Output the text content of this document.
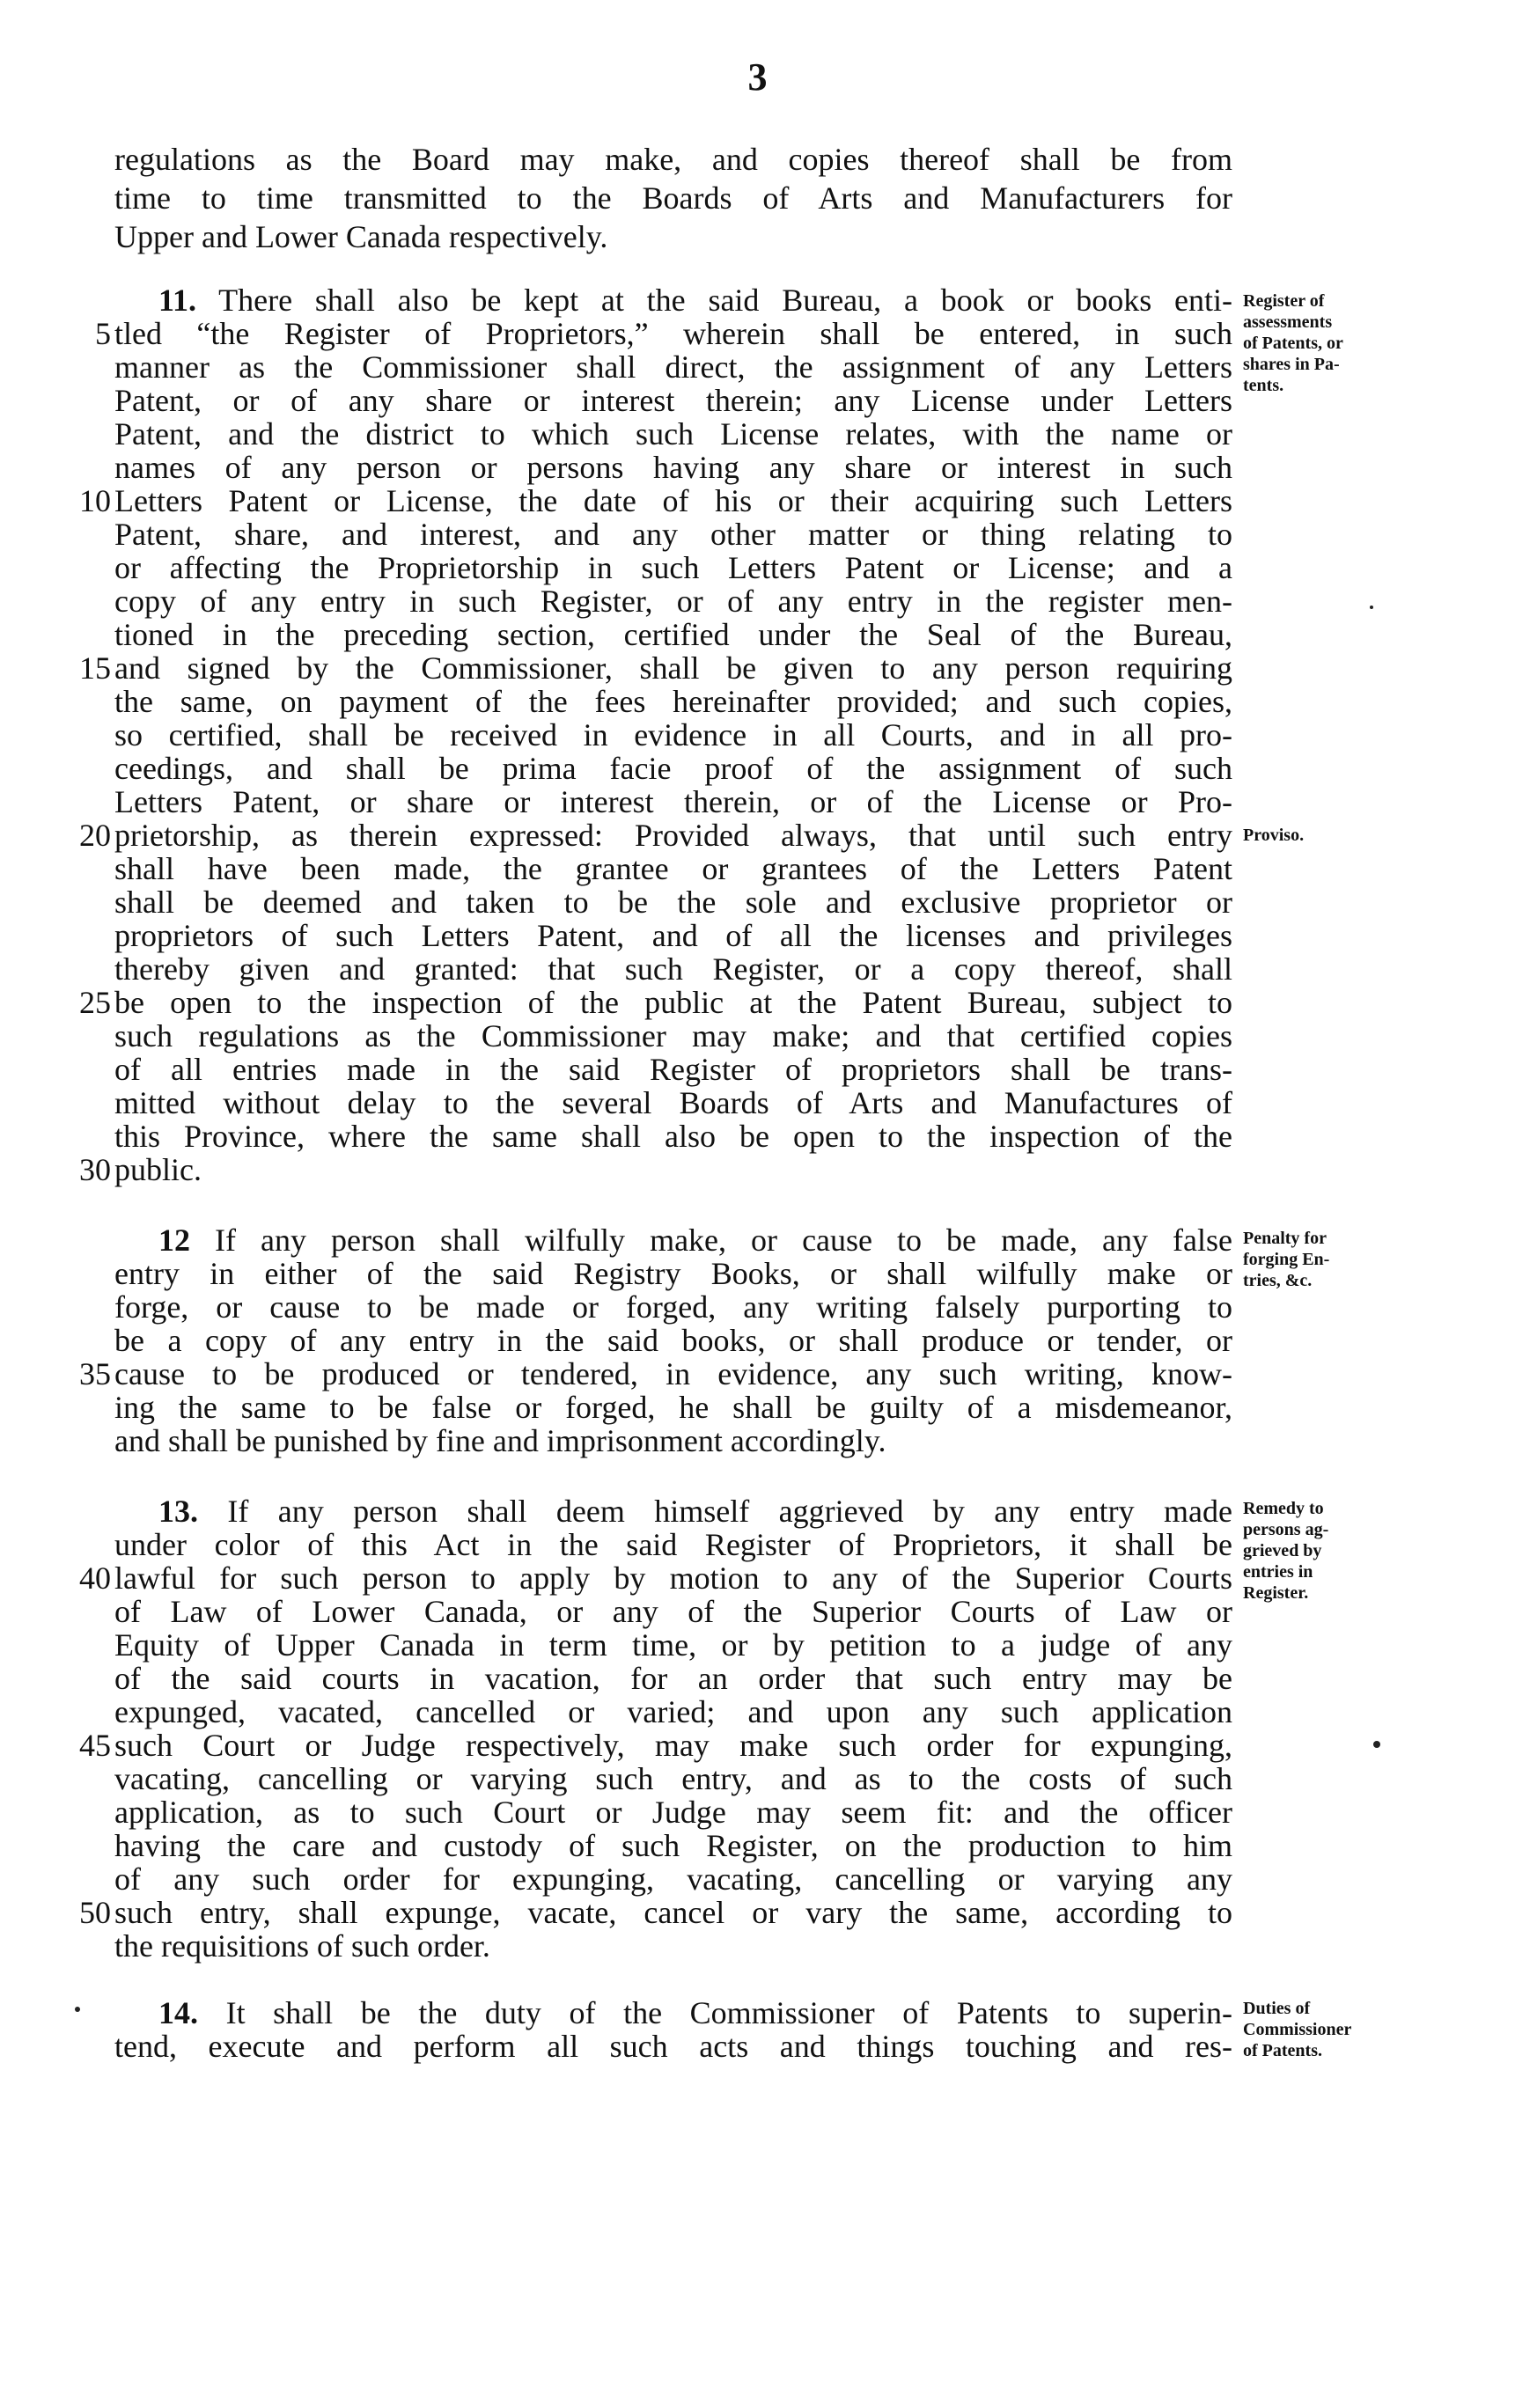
3
regulations as the Board may make, and copies thereof shall be from
time to time transmitted to the Boards of Arts and Manufacturers for
Upper and Lower Canada respectively.
11. There shall also be kept at the said Bureau, a book or books enti-
tled “the Register of Proprietors,” wherein shall be entered, in such
manner as the Commissioner shall direct, the assignment of any Letters
Patent, or of any share or interest therein; any License under Letters
Patent, and the district to which such License relates, with the name or
names of any person or persons having any share or interest in such
Letters Patent or License, the date of his or their acquiring such Letters
Patent, share, and interest, and any other matter or thing relating to
or affecting the Proprietorship in such Letters Patent or License; and a
copy of any entry in such Register, or of any entry in the register men-
tioned in the preceding section, certified under the Seal of the Bureau,
and signed by the Commissioner, shall be given to any person requiring
the same, on payment of the fees hereinafter provided; and such copies,
so certified, shall be received in evidence in all Courts, and in all pro-
ceedings, and shall be prima facie proof of the assignment of such
Letters Patent, or share or interest therein, or of the License or Pro-
prietorship, as therein expressed: Provided always, that until such entry
shall have been made, the grantee or grantees of the Letters Patent
shall be deemed and taken to be the sole and exclusive proprietor or
proprietors of such Letters Patent, and of all the licenses and privileges
thereby given and granted: that such Register, or a copy thereof, shall
be open to the inspection of the public at the Patent Bureau, subject to
such regulations as the Commissioner may make; and that certified copies
of all entries made in the said Register of proprietors shall be trans-
mitted without delay to the several Boards of Arts and Manufactures of
this Province, where the same shall also be open to the inspection of the
public.
5
10
15
20
25
30
Register of
assessments
of Patents, or
shares in Pa-
tents.
Proviso.
12 If any person shall wilfully make, or cause to be made, any false
entry in either of the said Registry Books, or shall wilfully make or
forge, or cause to be made or forged, any writing falsely purporting to
be a copy of any entry in the said books, or shall produce or tender, or
cause to be produced or tendered, in evidence, any such writing, know-
ing the same to be false or forged, he shall be guilty of a misdemeanor,
and shall be punished by fine and imprisonment accordingly.
35
Penalty for
forging En-
tries, &c.
13. If any person shall deem himself aggrieved by any entry made
under color of this Act in the said Register of Proprietors, it shall be
lawful for such person to apply by motion to any of the Superior Courts
of Law of Lower Canada, or any of the Superior Courts of Law or
Equity of Upper Canada in term time, or by petition to a judge of any
of the said courts in vacation, for an order that such entry may be
expunged, vacated, cancelled or varied; and upon any such application
such Court or Judge respectively, may make such order for expunging,
vacating, cancelling or varying such entry, and as to the costs of such
application, as to such Court or Judge may seem fit: and the officer
having the care and custody of such Register, on the production to him
of any such order for expunging, vacating, cancelling or varying any
such entry, shall expunge, vacate, cancel or vary the same, according to
the requisitions of such order.
40
45
50
Remedy to
persons ag-
grieved by
entries in
Register.
14. It shall be the duty of the Commissioner of Patents to superin-
tend, execute and perform all such acts and things touching and res-
Duties of
Commissioner
of Patents.
